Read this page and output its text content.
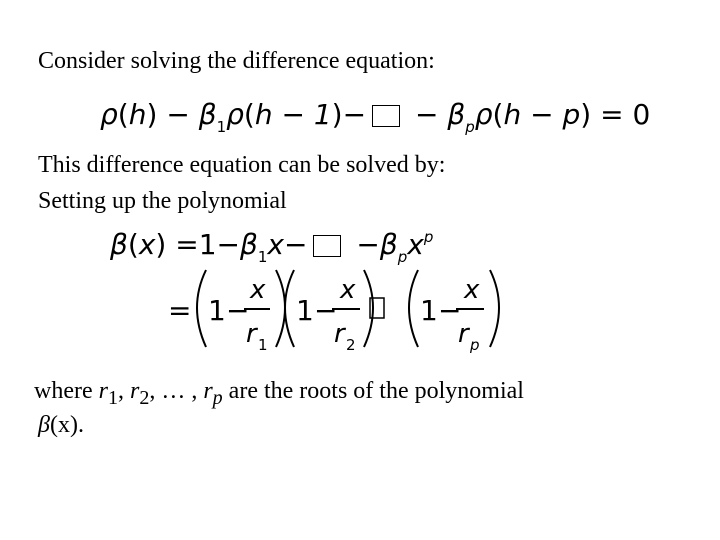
Consider solving the difference equation:
$\rho(h) - \beta_1\rho(h - 1)- - \beta_p\rho(h - p) = 0$
This difference equation can be solved by:
Setting up the polynomial
$\beta(x) =1-\beta_1x- -\beta_px^p$
= 1 −
x
r 1
1 −
x
r 2
1 −
x
r p
where $r_1$, $r_2$, … , $r_p$ are the roots of the polynomial
β(x).
